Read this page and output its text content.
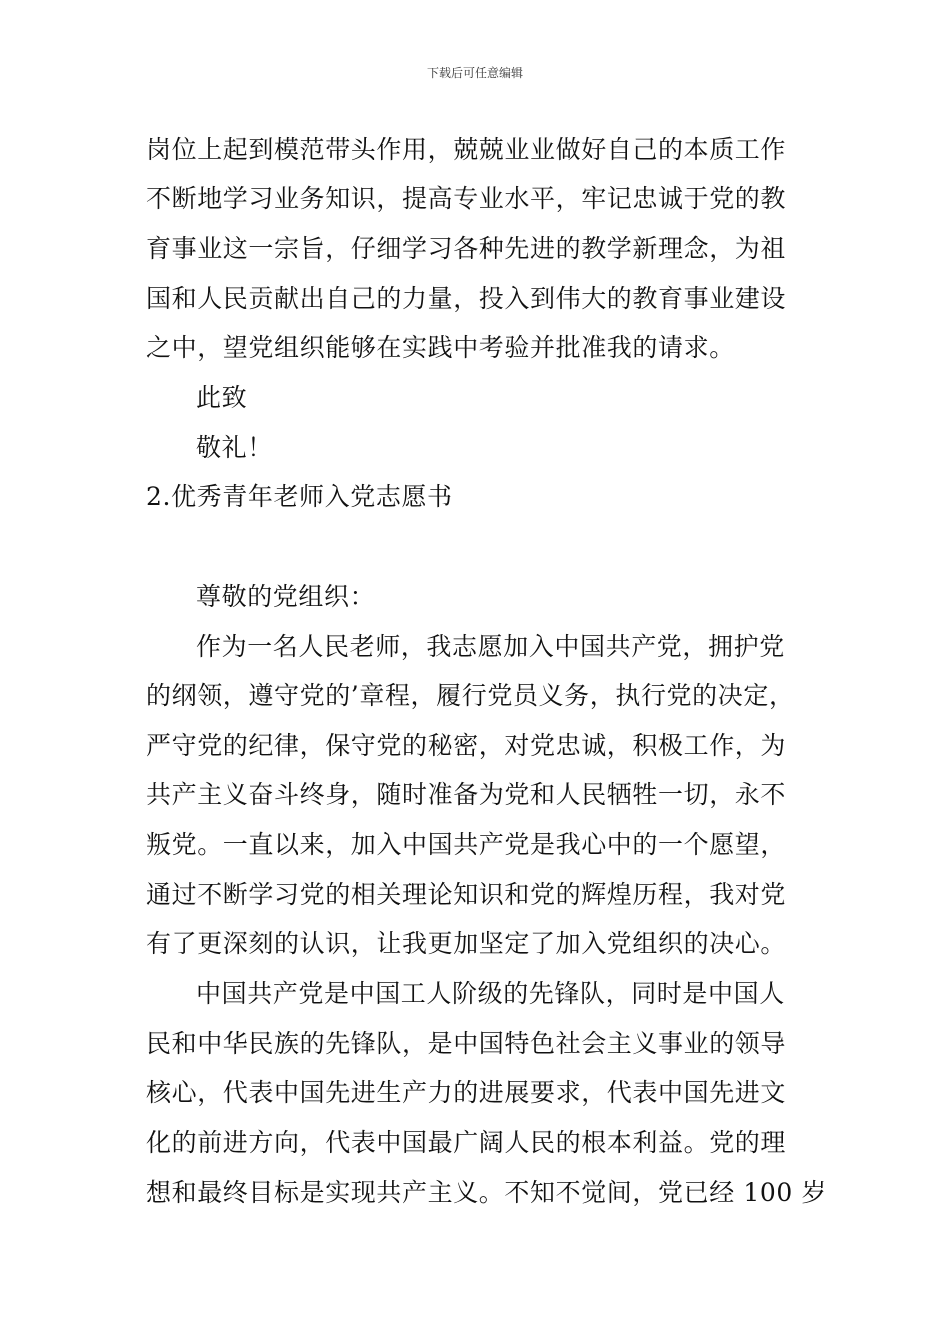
下载后可任意编辑
岗位上起到模范带头作用，兢兢业业做好自己的本质工作
不断地学习业务知识，提高专业水平，牢记忠诚于党的教
育事业这一宗旨，仔细学习各种先进的教学新理念，为祖
国和人民贡献出自己的力量，投入到伟大的教育事业建设
之中，望党组织能够在实践中考验并批准我的请求。
此致
敬礼！
2.优秀青年老师入党志愿书
尊敬的党组织：
作为一名人民老师，我志愿加入中国共产党，拥护党
的纲领，遵守党的’章程，履行党员义务，执行党的决定，
严守党的纪律，保守党的秘密，对党忠诚，积极工作，为
共产主义奋斗终身，随时准备为党和人民牺牲一切，永不
叛党。一直以来，加入中国共产党是我心中的一个愿望，
通过不断学习党的相关理论知识和党的辉煌历程，我对党
有了更深刻的认识，让我更加坚定了加入党组织的决心。
中国共产党是中国工人阶级的先锋队，同时是中国人
民和中华民族的先锋队，是中国特色社会主义事业的领导
核心，代表中国先进生产力的进展要求，代表中国先进文
化的前进方向，代表中国最广阔人民的根本利益。党的理
想和最终目标是实现共产主义。不知不觉间，党已经 100 岁
